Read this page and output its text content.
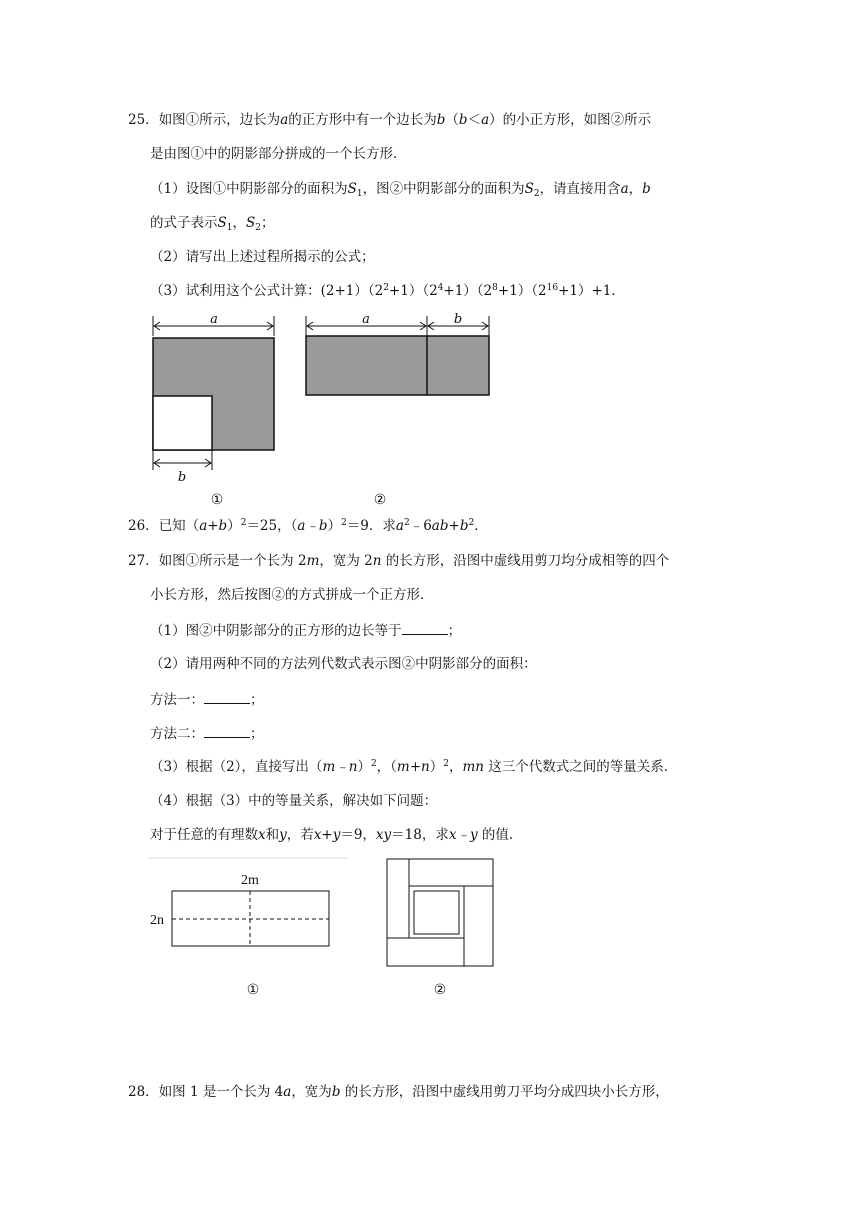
25．如图①所示，边长为a的正方形中有一个边长为b（b＜a）的小正方形，如图②所示
是由图①中的阴影部分拼成的一个长方形．
（1）设图①中阴影部分的面积为$S_1$，图②中阴影部分的面积为$S_2$，请直接用含a，b
的式子表示$S_1$，$S_2$；
（2）请写出上述过程所揭示的公式；
（3）试利用这个公式计算：$(2+1)(2^2+1)(2^4+1)(2^8+1)(2^{16}+1)+1$．
a
b
①
a	b
②
26．已知$(a+b)^2=25$，（a﹣b）$^2$＝9．求$a^2﹣6ab+b^2$．
27．如图①所示是一个长为 2m，宽为 2n 的长方形，沿图中虚线用剪刀均分成相等的四个
小长方形，然后按图②的方式拼成一个正方形．
（1）图②中阴影部分的正方形的边长等于	；
（2）请用两种不同的方法列代数式表示图②中阴影部分的面积：
方法一：	；
方法二：	；
（3）根据（2），直接写出（m﹣n）$^2$，$(m+n)^2$，mn 这三个代数式之间的等量关系．
（4）根据（3）中的等量关系，解决如下问题：
对于任意的有理数x和y，若x+y＝9，xy＝18，求x﹣y 的值．
2m
2n
①	②
28．如图 1 是一个长为 4a，宽为b 的长方形，沿图中虚线用剪刀平均分成四块小长方形，
